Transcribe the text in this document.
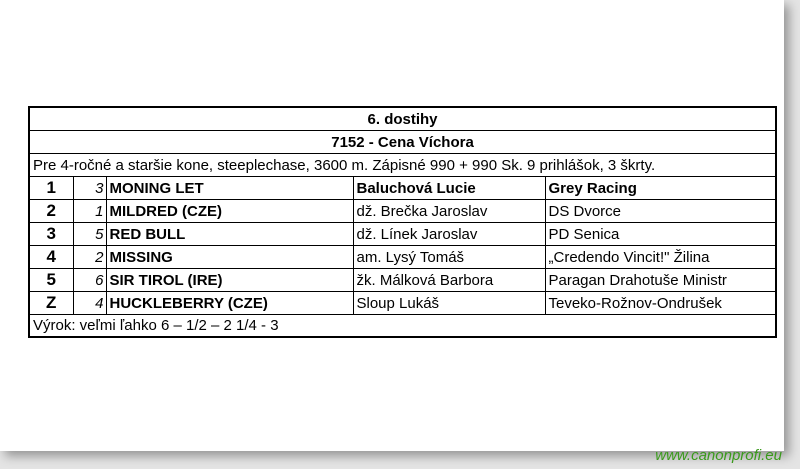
6. dostihy				
7152 - Cena Víchora				
Pre 4-ročné a staršie kone, steeplechase, 3600 m. Zápisné 990 + 990 Sk. 9 prihlášok, 3 škrty.				
1	3	MONING LET	Baluchová Lucie	Grey Racing
2	1	MILDRED (CZE)	dž. Brečka Jaroslav	DS Dvorce
3	5	RED BULL	dž. Línek Jaroslav	PD Senica
4	2	MISSING	am. Lysý Tomáš	„Credendo Vincit!" Žilina
5	6	SIR TIROL (IRE)	žk. Málková Barbora	Paragan Drahotuše Ministr
Z	4	HUCKLEBERRY (CZE)	Sloup Lukáš	Teveko-Rožnov-Ondrušek
Výrok: veľmi ľahko 6 – 1/2 – 2 1/4 - 3				
www.canonprofi.eu
